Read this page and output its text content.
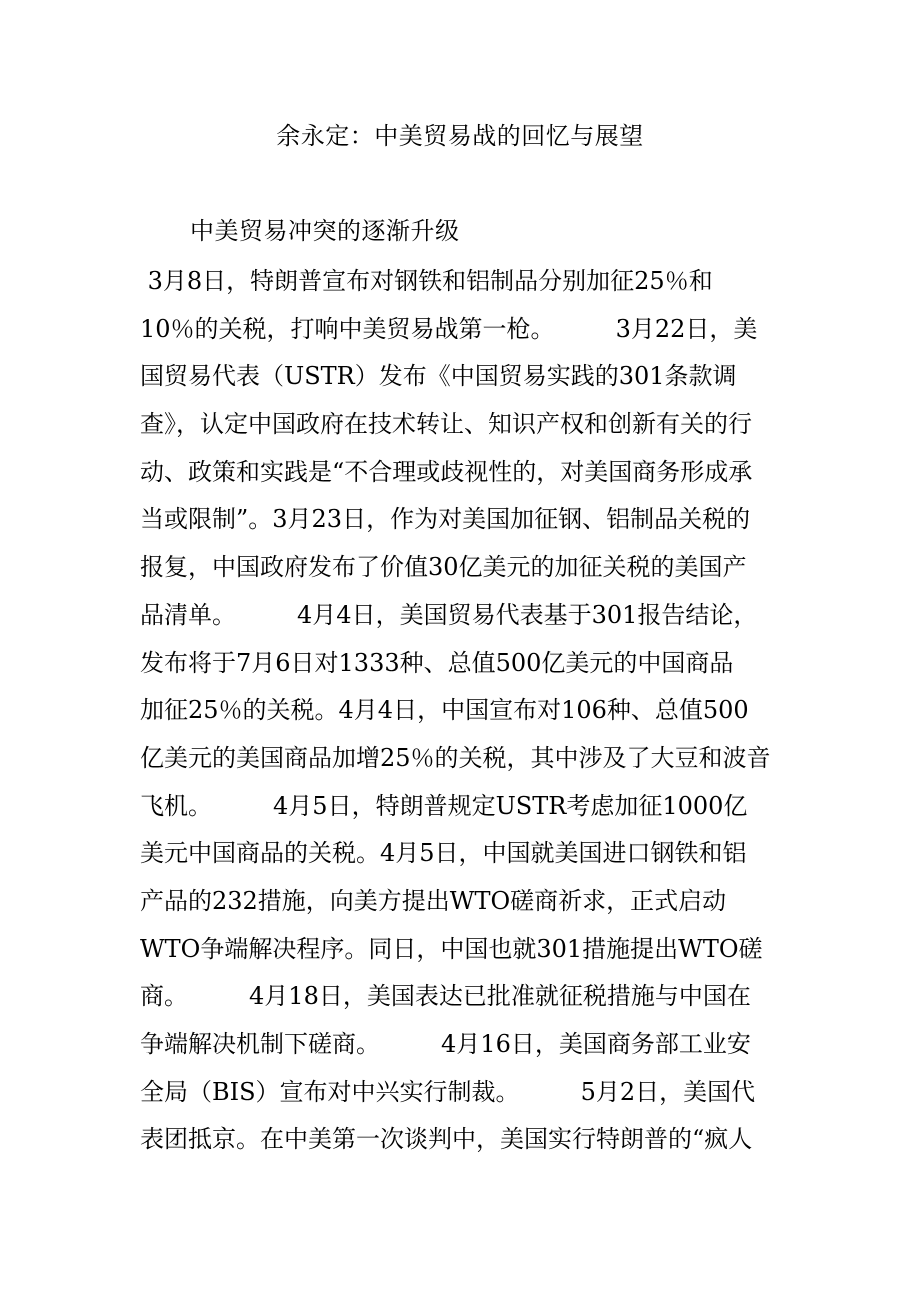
余永定：中美贸易战的回忆与展望
中美贸易冲突的逐渐升级
3月8日，特朗普宣布对钢铁和铝制品分别加征25％和
10％的关税，打响中美贸易战第一枪。        3月22日，美
国贸易代表（USTR）发布《中国贸易实践的301条款调
查》，认定中国政府在技术转让、知识产权和创新有关的行
动、政策和实践是“不合理或歧视性的，对美国商务形成承
当或限制”。3月23日，作为对美国加征钢、铝制品关税的
报复，中国政府发布了价值30亿美元的加征关税的美国产
品清单。        4月4日，美国贸易代表基于301报告结论，
发布将于7月6日对1333种、总值500亿美元的中国商品
加征25％的关税。4月4日，中国宣布对106种、总值500
亿美元的美国商品加增25％的关税，其中涉及了大豆和波音
飞机。        4月5日，特朗普规定USTR考虑加征1000亿
美元中国商品的关税。4月5日，中国就美国进口钢铁和铝
产品的232措施，向美方提出WTO磋商祈求，正式启动
WTO争端解决程序。同日，中国也就301措施提出WTO磋
商。        4月18日，美国表达已批准就征税措施与中国在
争端解决机制下磋商。        4月16日，美国商务部工业安
全局（BIS）宣布对中兴实行制裁。        5月2日，美国代
表团抵京。在中美第一次谈判中，美国实行特朗普的“疯人
